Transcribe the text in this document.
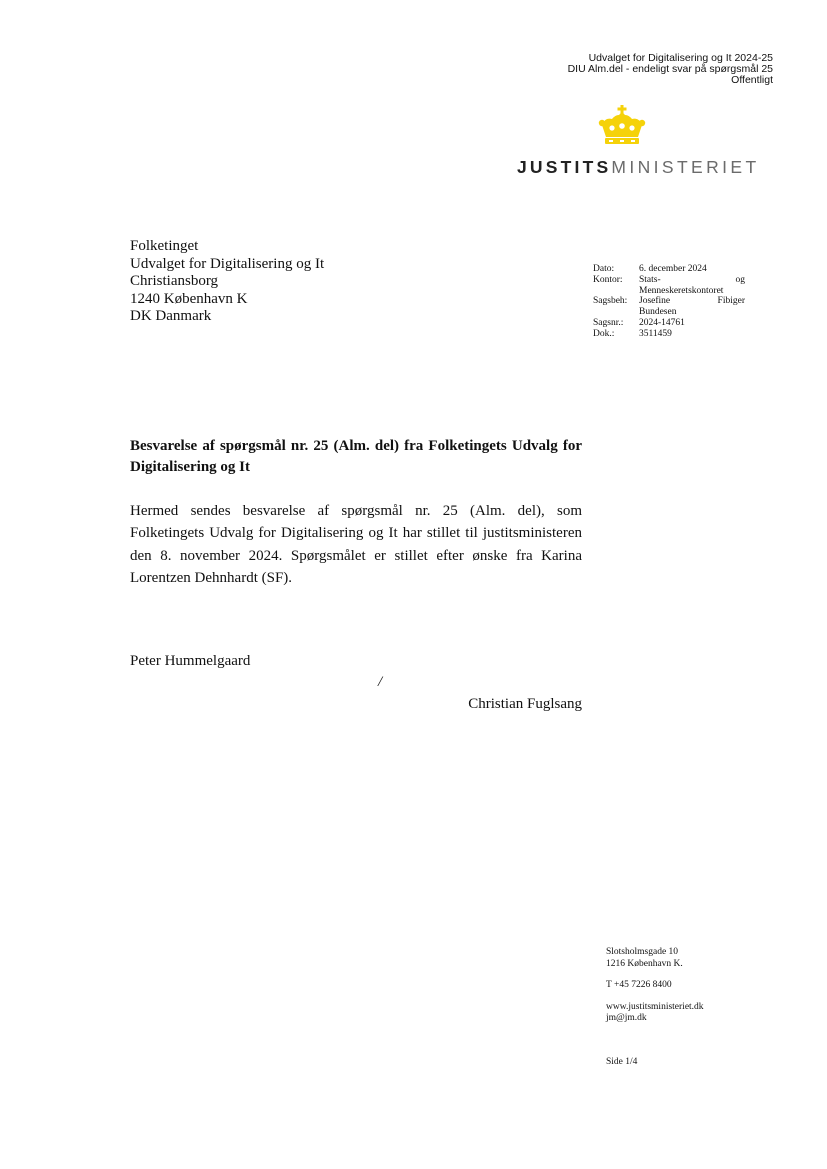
Udvalget for Digitalisering og It 2024-25
DIU Alm.del - endeligt svar på spørgsmål 25
Offentligt
JUSTITSMINISTERIET
Folketinget
Udvalget for Digitalisering og It
Christiansborg
1240 København K
DK Danmark
Dato:	6. december 2024
Kontor:	Stats- og
Menneskeretskontoret

Sagsbeh:	Josefine Fibiger
Bundesen

Sagsnr.:	2024-14761
Dok.:	3511459
Besvarelse af spørgsmål nr. 25 (Alm. del) fra Folketingets Udvalg for Digitalisering og It
Hermed sendes besvarelse af spørgsmål nr. 25 (Alm. del), som Folketingets Udvalg for Digitalisering og It har stillet til justitsministeren den 8. november 2024. Spørgsmålet er stillet efter ønske fra Karina Lorentzen Dehnhardt (SF).
Peter Hummelgaard
/
Christian Fuglsang
Slotsholmsgade 10
1216 København K.
T +45 7226 8400
www.justitsministeriet.dk
jm@jm.dk
Side 1/4
